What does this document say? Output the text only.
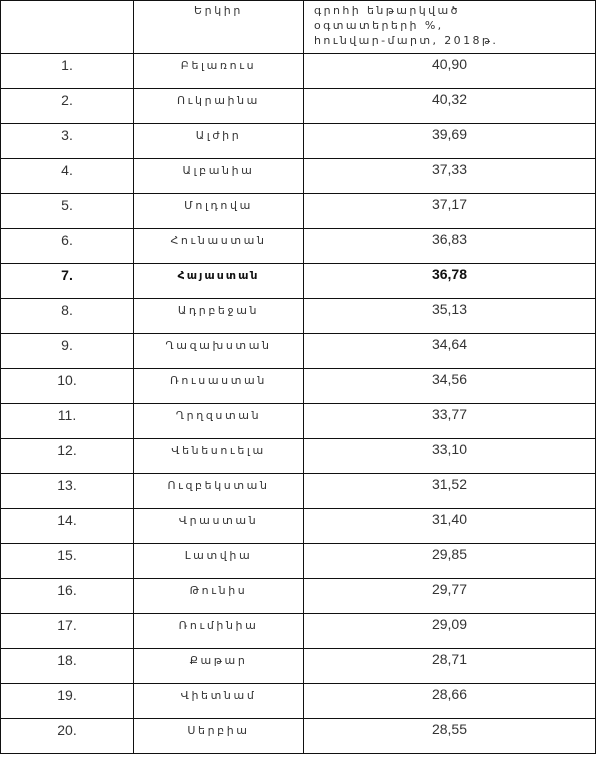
	Երկիր	գրոհի ենթարկված
օգտատերերի %,
հունվար-մարտ, 2018թ.

1.	Բելառուս	40,90

2.	Ուկրաինա	40,32

3.	Ալժիր	39,69

4.	Ալբանիա	37,33

5.	Մոլդովա	37,17

6.	Հունաստան	36,83

7.	Հայաստան	36,78

8.	Ադրբեջան	35,13

9.	Ղազախստան	34,64

10.	Ռուսաստան	34,56

11.	Ղրղզստան	33,77

12.	Վենեսուելա	33,10

13.	Ուզբեկստան	31,52

14.	Վրաստան	31,40

15.	Լատվիա	29,85

16.	Թունիս	29,77

17.	Ռումինիա	29,09

18.	Քաթար	28,71

19.	Վիետնամ	28,66

20.	Սերբիա	28,55
